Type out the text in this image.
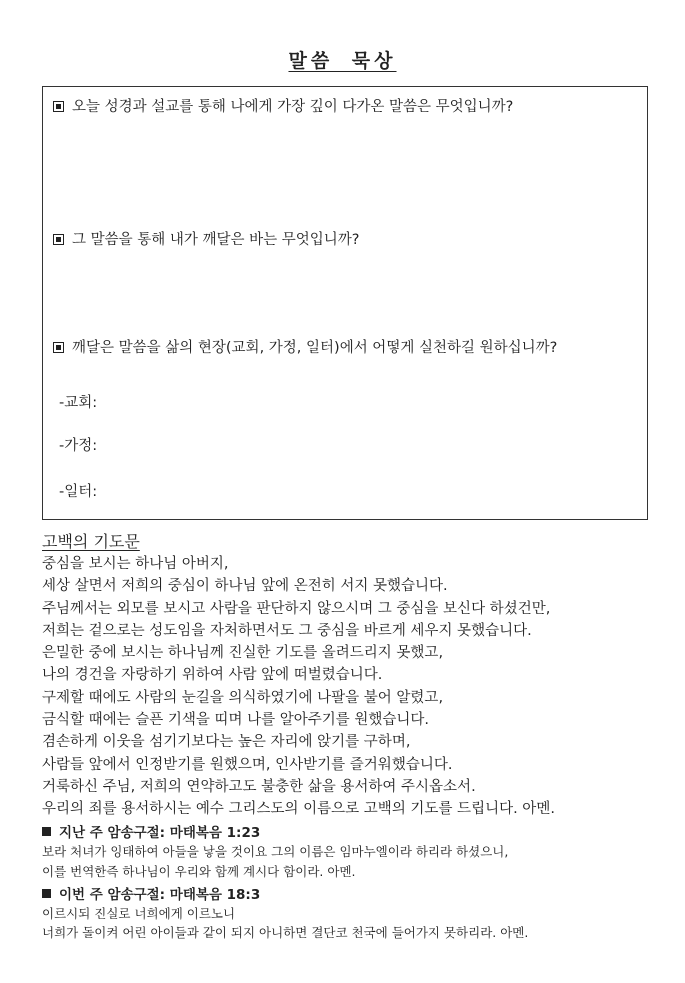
말씀 묵상
오늘 성경과 설교를 통해 나에게 가장 깊이 다가온 말씀은 무엇입니까?
그 말씀을 통해 내가 깨달은 바는 무엇입니까?
깨달은 말씀을 삶의 현장(교회, 가정, 일터)에서 어떻게 실천하길 원하십니까?
-교회:
-가정:
-일터:
고백의 기도문
중심을 보시는 하나님 아버지,
세상 살면서 저희의 중심이 하나님 앞에 온전히 서지 못했습니다.
주님께서는 외모를 보시고 사람을 판단하지 않으시며 그 중심을 보신다 하셨건만,
저희는 겉으로는 성도임을 자처하면서도 그 중심을 바르게 세우지 못했습니다.
은밀한 중에 보시는 하나님께 진실한 기도를 올려드리지 못했고,
나의 경건을 자랑하기 위하여 사람 앞에 떠벌렸습니다.
구제할 때에도 사람의 눈길을 의식하였기에 나팔을 불어 알렸고,
금식할 때에는 슬픈 기색을 띠며 나를 알아주기를 원했습니다.
겸손하게 이웃을 섬기기보다는 높은 자리에 앉기를 구하며,
사람들 앞에서 인정받기를 원했으며, 인사받기를 즐거워했습니다.
거룩하신 주님, 저희의 연약하고도 불충한 삶을 용서하여 주시옵소서.
우리의 죄를 용서하시는 예수 그리스도의 이름으로 고백의 기도를 드립니다. 아멘.
지난 주 암송구절: 마태복음 1:23
보라 처녀가 잉태하여 아들을 낳을 것이요 그의 이름은 임마누엘이라 하리라 하셨으니,
이를 번역한즉 하나님이 우리와 함께 계시다 함이라. 아멘.
이번 주 암송구절: 마태복음 18:3
이르시되 진실로 너희에게 이르노니
너희가 돌이켜 어린 아이들과 같이 되지 아니하면 결단코 천국에 들어가지 못하리라. 아멘.
